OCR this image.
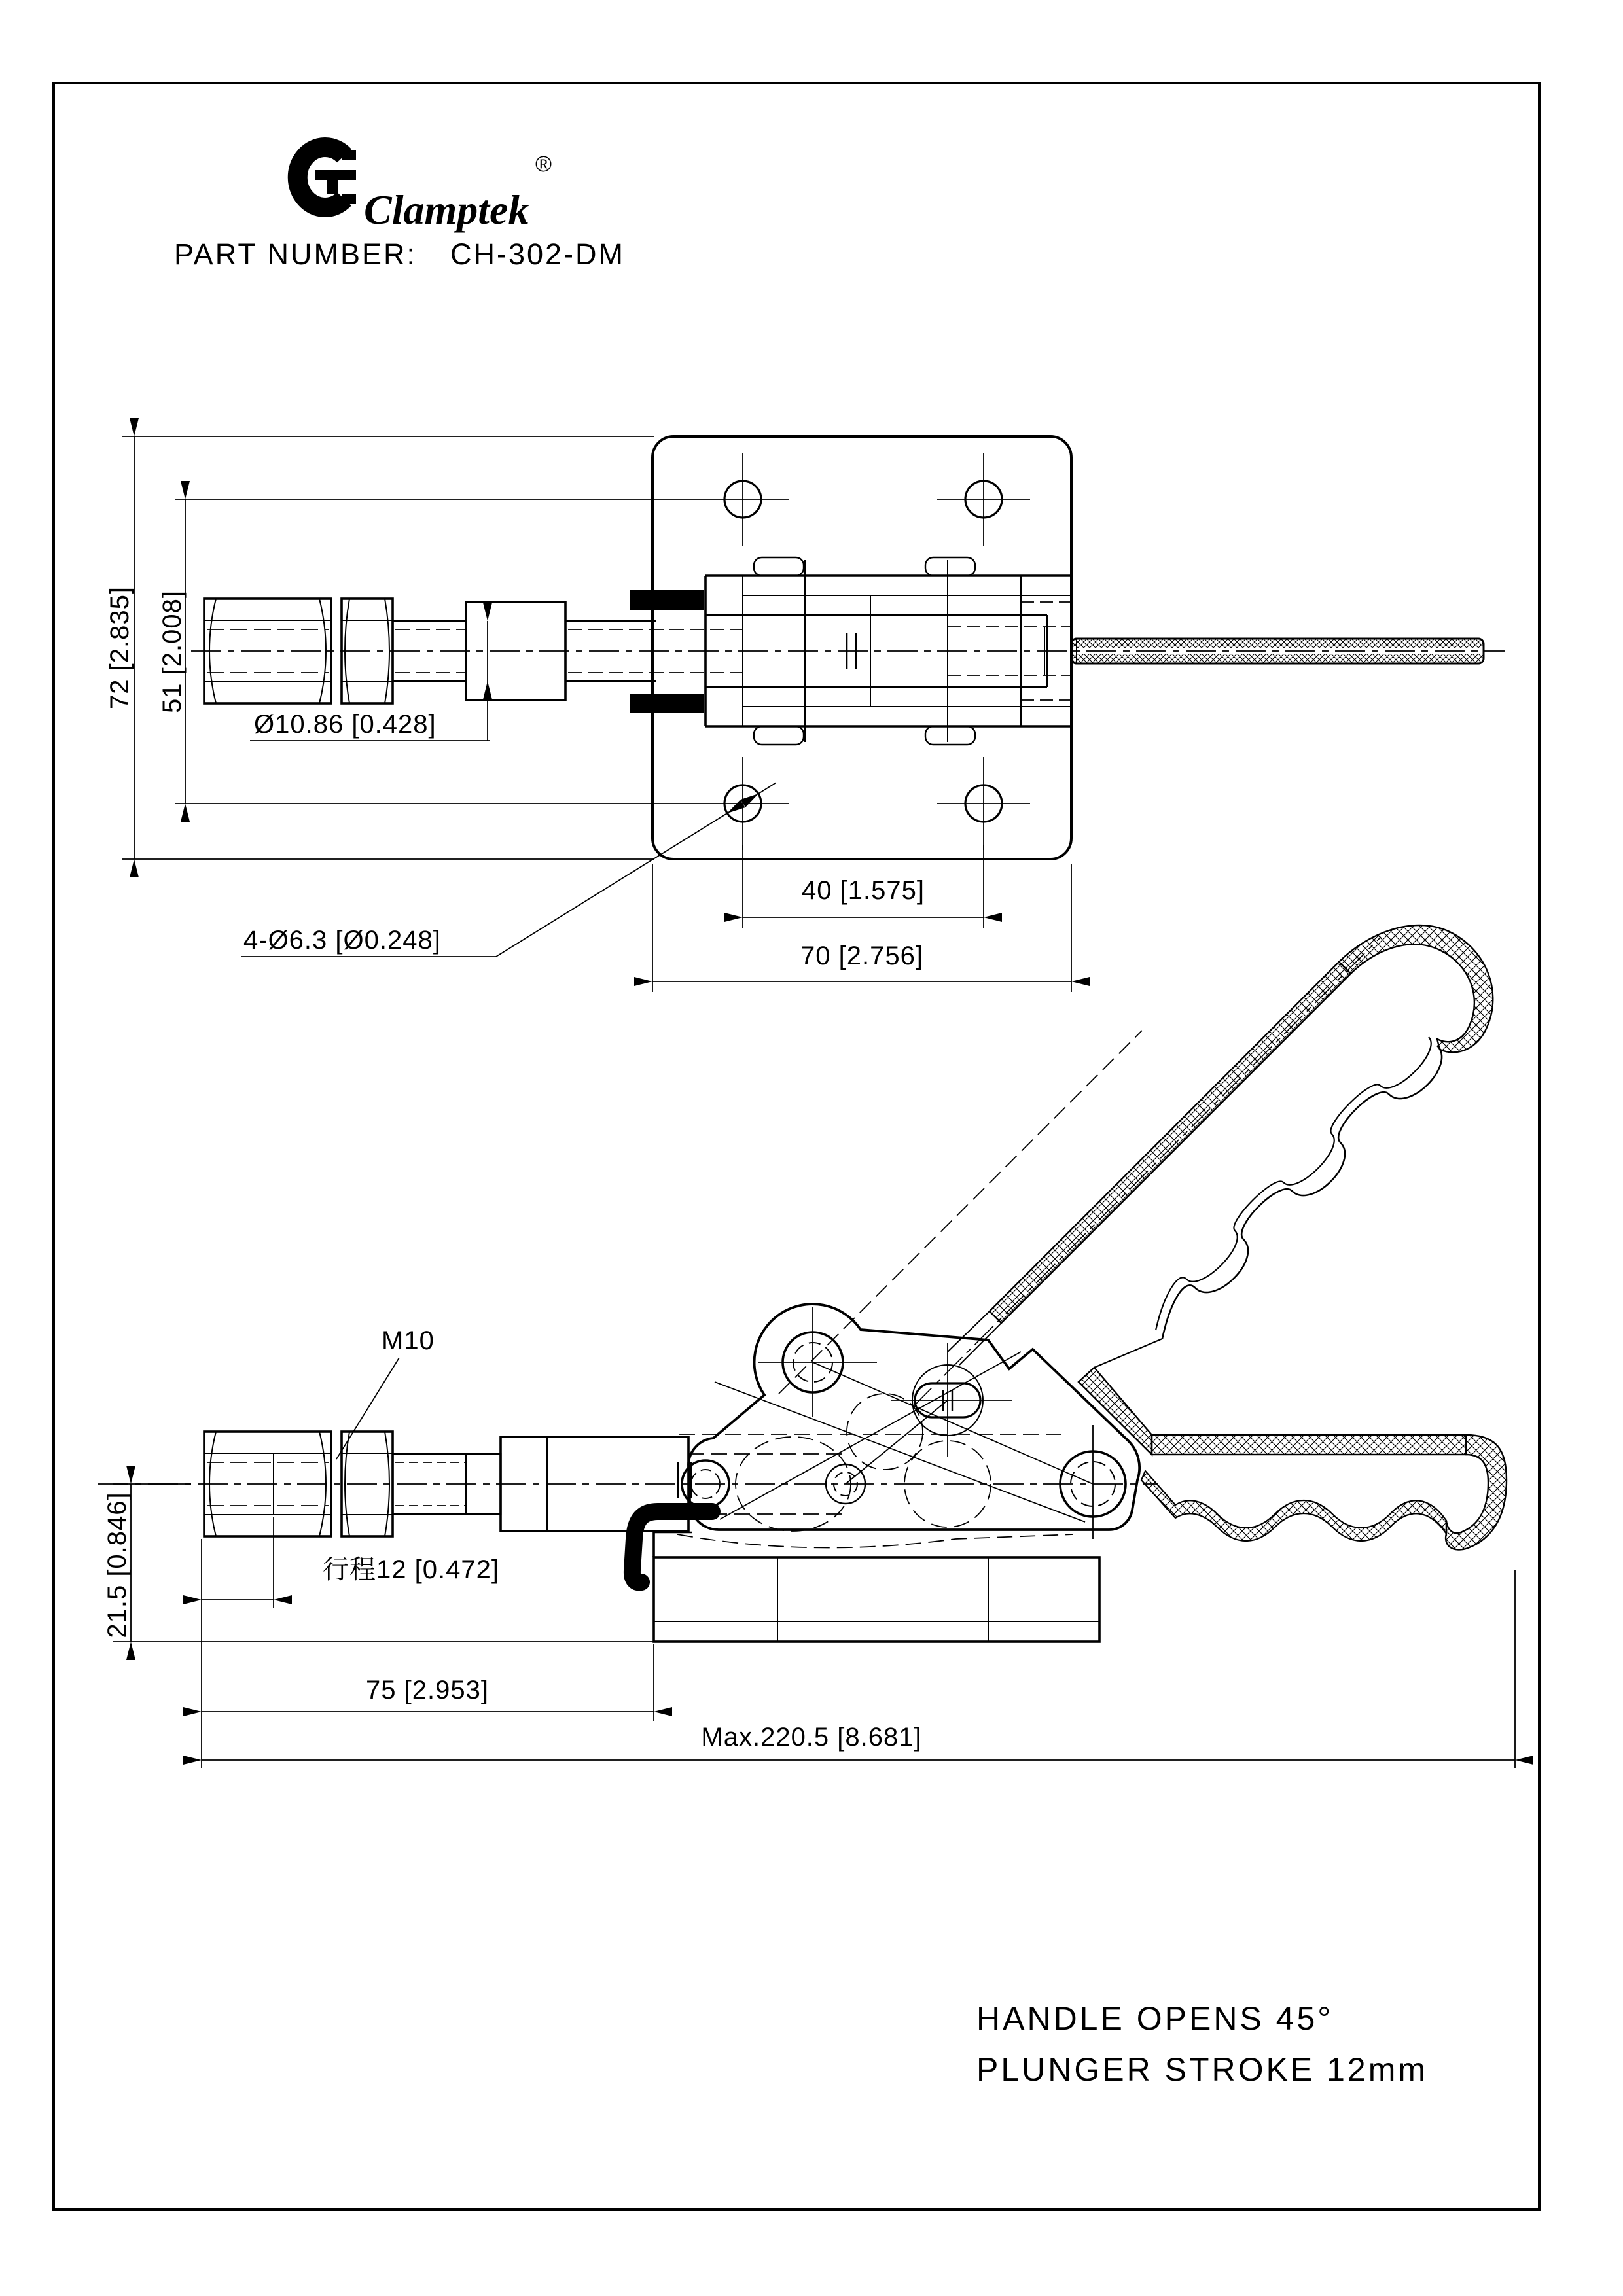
Clamptek
®
PART NUMBER: CH-302-DM
72 [2.835] 51 [2.008]
Ø10.86 [0.428]
4-Ø6.3 [Ø0.248]
40 [1.575]
70 [2.756]
M10
21.5 [0.846]	行程12 [0.472]
75 [2.953]
Max.220.5 [8.681]
HANDLE OPENS 45°
PLUNGER STROKE 12mm
